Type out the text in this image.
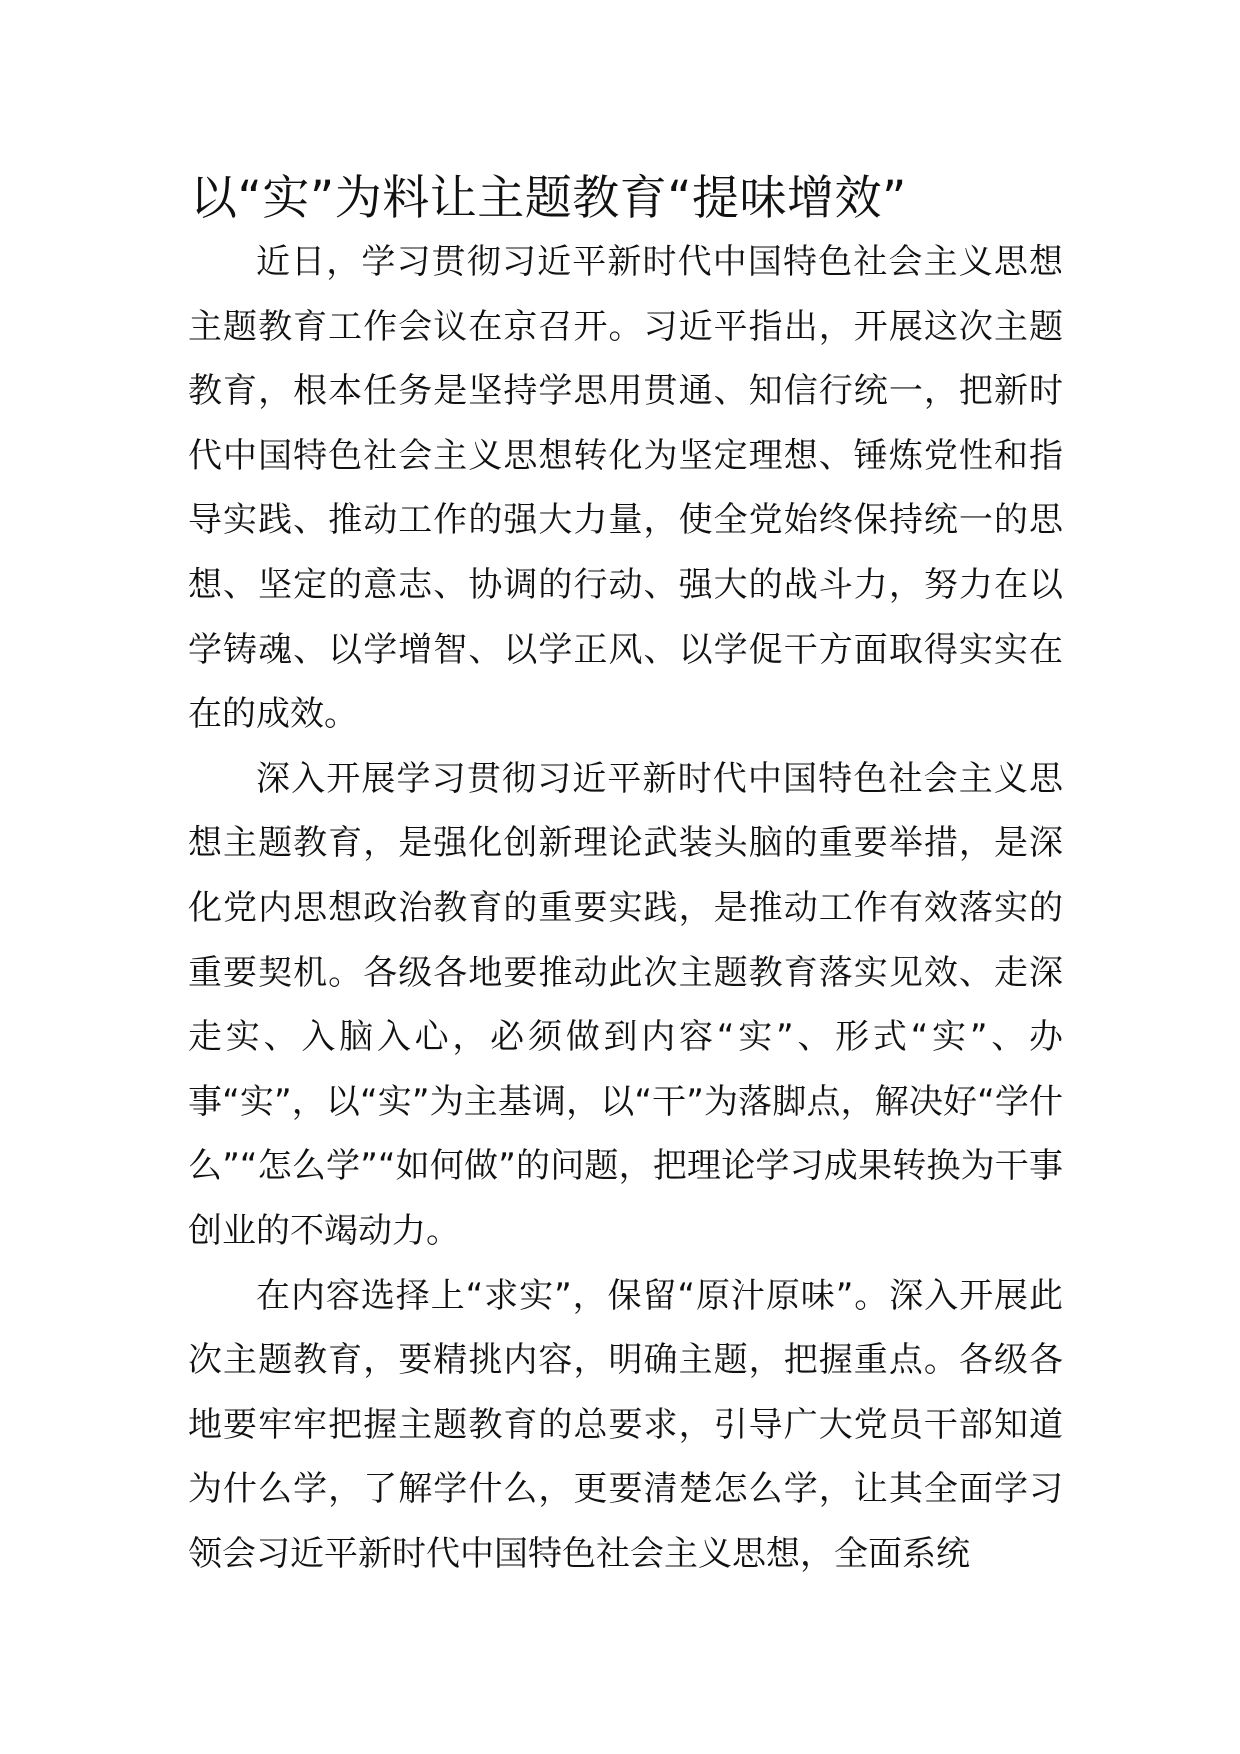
以“实”为料让主题教育“提味增效”

近日，学习贯彻习近平新时代中国特色社会主义思想主题教育工作会议在京召开。习近平指出，开展这次主题教育，根本任务是坚持学思用贯通、知信行统一，把新时代中国特色社会主义思想转化为坚定理想、锤炼党性和指导实践、推动工作的强大力量，使全党始终保持统一的思想、坚定的意志、协调的行动、强大的战斗力，努力在以学铸魂、以学增智、以学正风、以学促干方面取得实实在在的成效。

深入开展学习贯彻习近平新时代中国特色社会主义思想主题教育，是强化创新理论武装头脑的重要举措，是深化党内思想政治教育的重要实践，是推动工作有效落实的重要契机。各级各地要推动此次主题教育落实见效、走深走实、入脑入心，必须做到内容“实”、形式“实”、办事“实”，以“实”为主基调，以“干”为落脚点，解决好“学什么”“怎么学”“如何做”的问题，把理论学习成果转换为干事创业的不竭动力。

在内容选择上“求实”，保留“原汁原味”。深入开展此次主题教育，要精挑内容，明确主题，把握重点。各级各地要牢牢把握主题教育的总要求，引导广大党员干部知道为什么学，了解学什么，更要清楚怎么学，让其全面学习领会习近平新时代中国特色社会主义思想，全面系统
